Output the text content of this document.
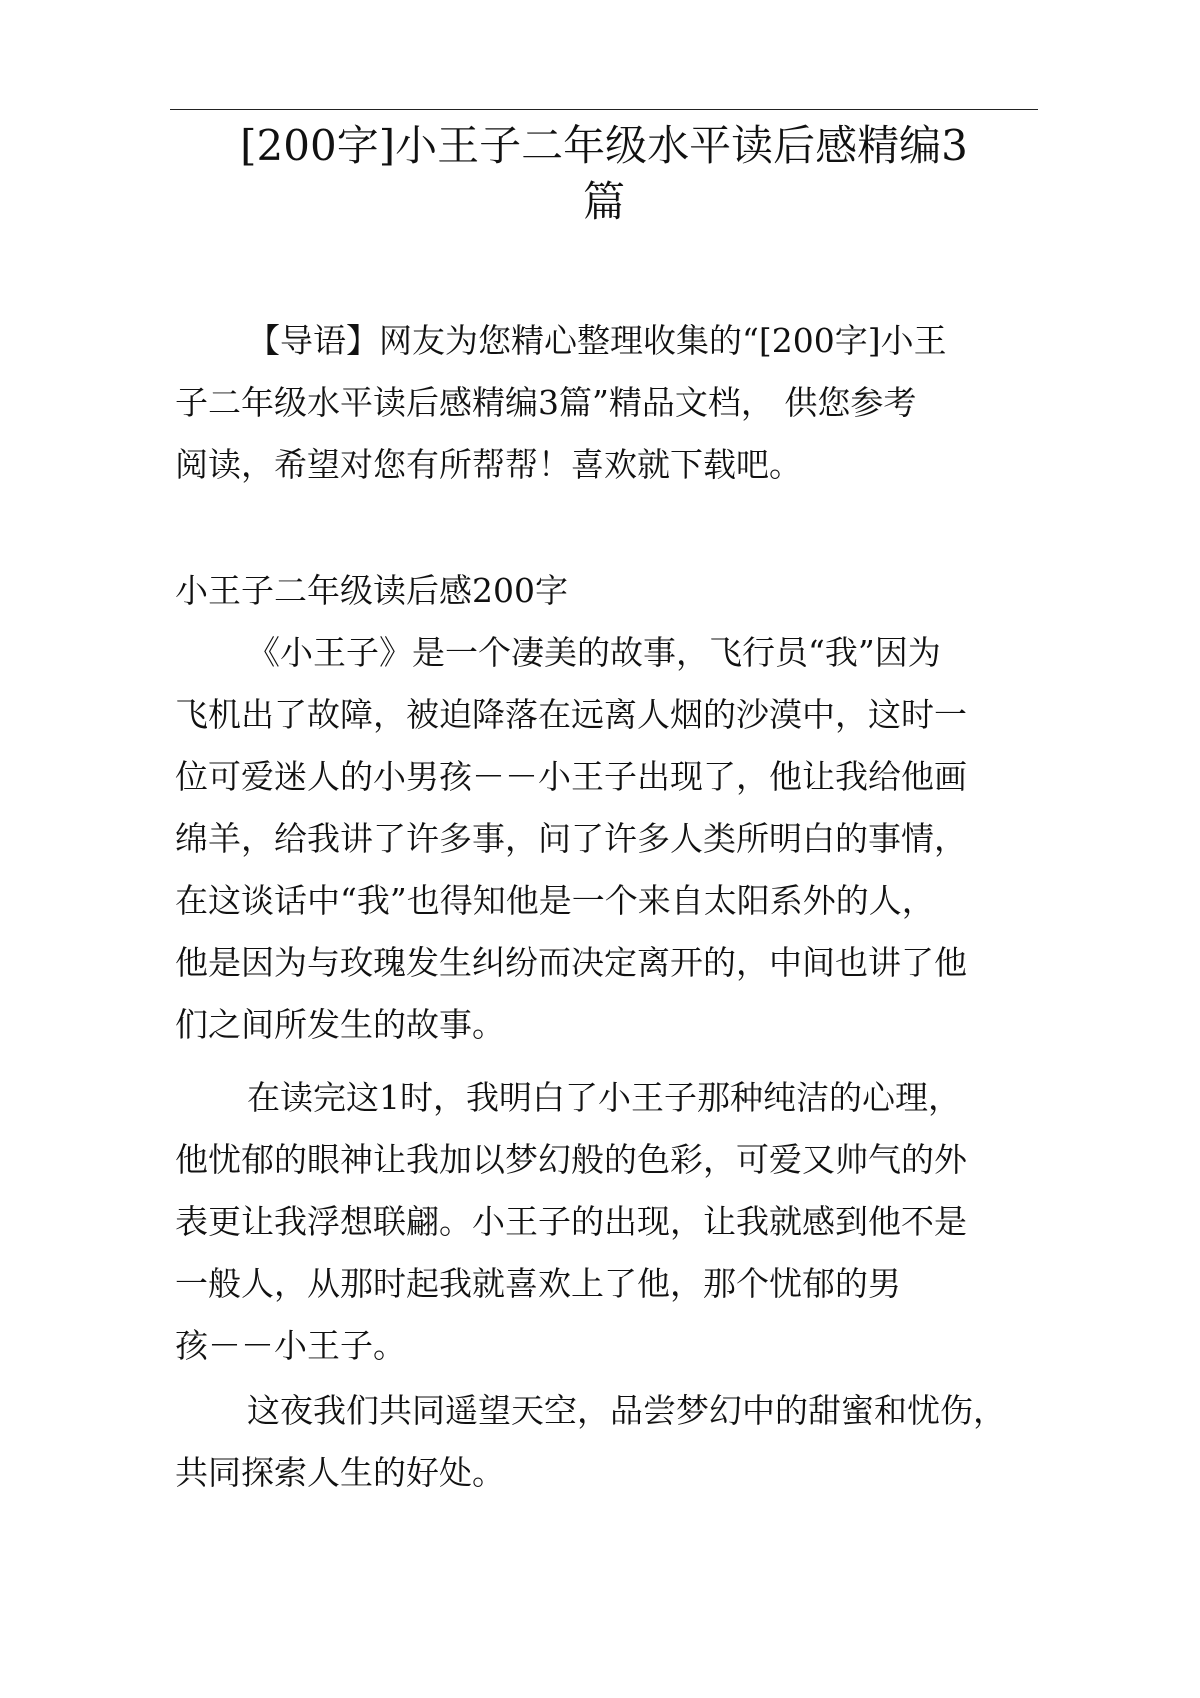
[200字]小王子二年级水平读后感精编3
篇

【导语】网友为您精心整理收集的“[200字]小王
子二年级水平读后感精编3篇”精品文档， 供您参考
阅读，希望对您有所帮帮！喜欢就下载吧。

小王子二年级读后感200字

《小王子》是一个凄美的故事，飞行员“我”因为
飞机出了故障，被迫降落在远离人烟的沙漠中，这时一
位可爱迷人的小男孩－－小王子出现了，他让我给他画
绵羊，给我讲了许多事，问了许多人类所明白的事情，
在这谈话中“我”也得知他是一个来自太阳系外的人，
他是因为与玫瑰发生纠纷而决定离开的，中间也讲了他
们之间所发生的故事。

在读完这1时，我明白了小王子那种纯洁的心理，
他忧郁的眼神让我加以梦幻般的色彩，可爱又帅气的外
表更让我浮想联翩。小王子的出现，让我就感到他不是
一般人，从那时起我就喜欢上了他，那个忧郁的男
孩－－小王子。

这夜我们共同遥望天空，品尝梦幻中的甜蜜和忧伤，
共同探索人生的好处。
